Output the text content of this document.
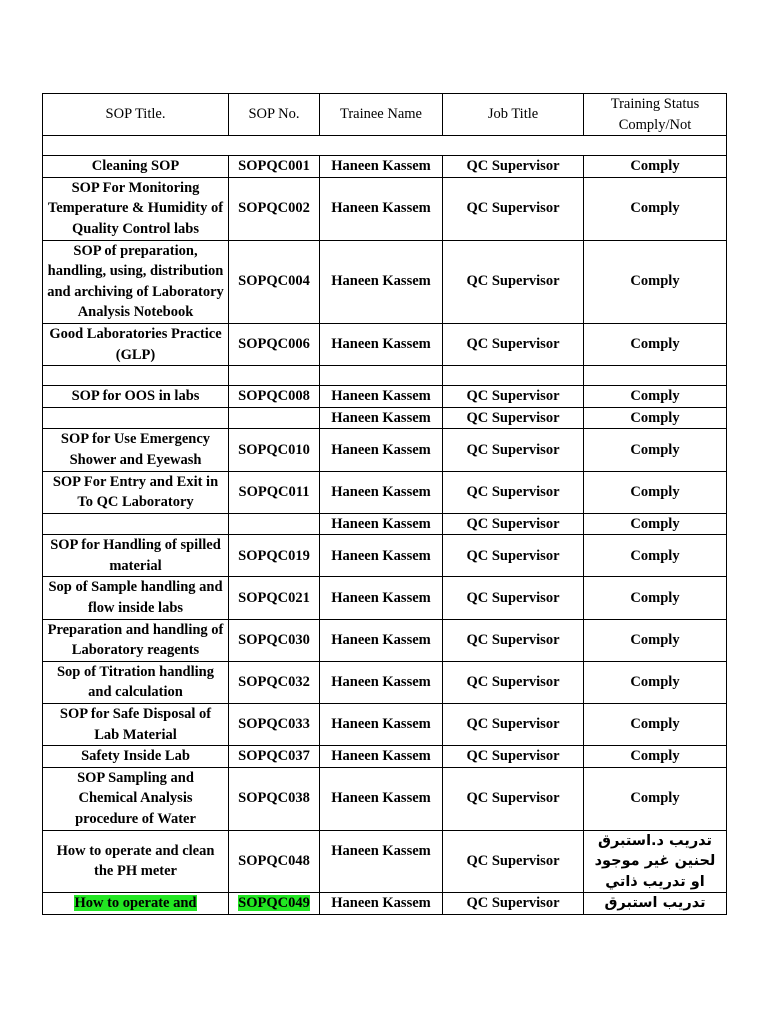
SOP Title.	SOP No.	Trainee Name	Job Title	Training Status Comply/Not

Cleaning SOP	SOPQC001	Haneen Kassem	QC Supervisor	Comply
SOP For Monitoring Temperature & Humidity of Quality Control labs	SOPQC002	Haneen Kassem	QC Supervisor	Comply
SOP of preparation, handling, using, distribution and archiving of Laboratory Analysis Notebook	SOPQC004	Haneen Kassem	QC Supervisor	Comply
Good Laboratories Practice (GLP)	SOPQC006	Haneen Kassem	QC Supervisor	Comply

SOP for OOS in labs	SOPQC008	Haneen Kassem	QC Supervisor	Comply
		Haneen Kassem	QC Supervisor	Comply
SOP for Use Emergency Shower and Eyewash	SOPQC010	Haneen Kassem	QC Supervisor	Comply
SOP For Entry and Exit in To QC Laboratory	SOPQC011	Haneen Kassem	QC Supervisor	Comply
		Haneen Kassem	QC Supervisor	Comply
SOP for Handling of spilled material	SOPQC019	Haneen Kassem	QC Supervisor	Comply
Sop of Sample handling and flow inside labs	SOPQC021	Haneen Kassem	QC Supervisor	Comply
Preparation and handling of Laboratory reagents	SOPQC030	Haneen Kassem	QC Supervisor	Comply
Sop of Titration handling and calculation	SOPQC032	Haneen Kassem	QC Supervisor	Comply
SOP for Safe Disposal of Lab Material	SOPQC033	Haneen Kassem	QC Supervisor	Comply
Safety Inside Lab	SOPQC037	Haneen Kassem	QC Supervisor	Comply
SOP Sampling and Chemical Analysis procedure of Water	SOPQC038	Haneen Kassem	QC Supervisor	Comply
How to operate and clean the PH meter	SOPQC048	Haneen Kassem	QC Supervisor	تدريب د.استبرق لحنين غير موجود او تدريب ذاتي
How to operate and	SOPQC049	Haneen Kassem	QC Supervisor	تدريب استبرق
